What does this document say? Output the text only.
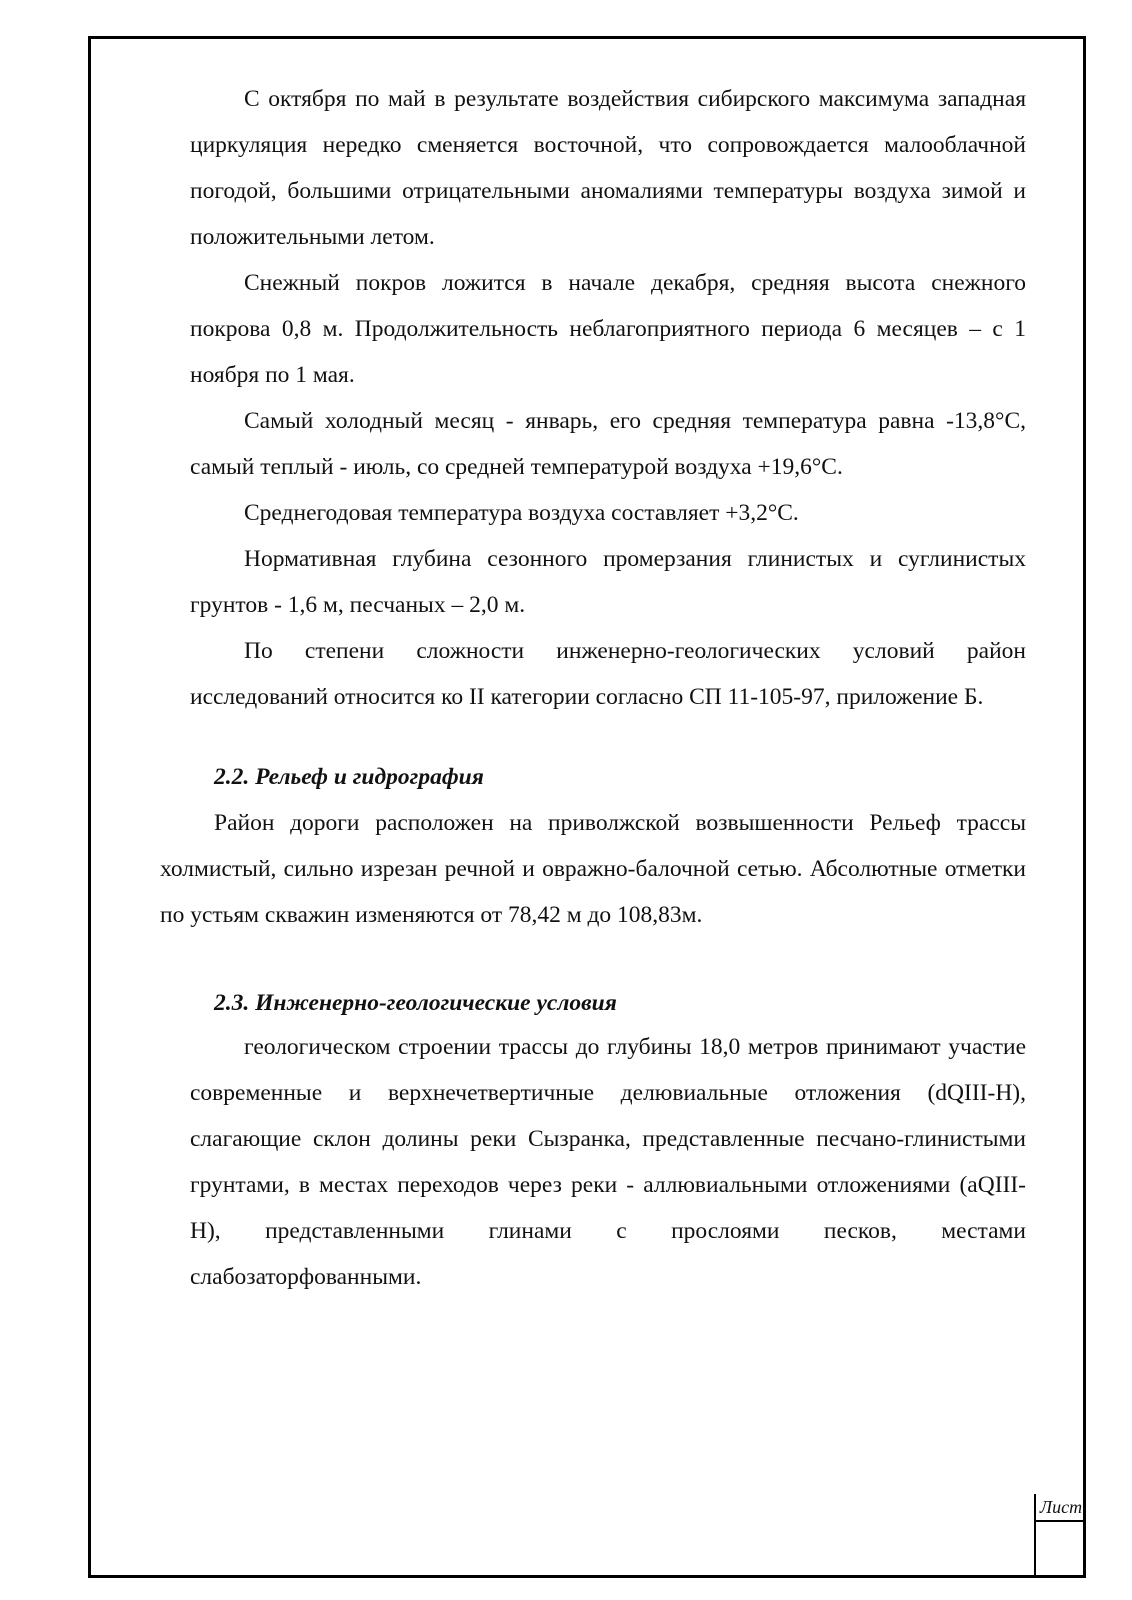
С октября по май в результате воздействия сибирского максимума западная циркуляция нередко сменяется восточной, что сопровождается малооблачной погодой, большими отрицательными аномалиями температуры воздуха зимой и положительными летом.

Снежный покров ложится в начале декабря, средняя высота снежного покрова 0,8 м. Продолжительность неблагоприятного периода 6 месяцев – с 1 ноября по 1 мая.

Самый холодный месяц - январь, его средняя температура равна -13,8°С, самый теплый - июль, со средней температурой воздуха +19,6°С.

Среднегодовая температура воздуха составляет +3,2°С.

Нормативная глубина сезонного промерзания глинистых и суглинистых грунтов - 1,6 м, песчаных – 2,0 м.

По степени сложности инженерно-геологических условий район исследований относится ко II категории согласно СП 11-105-97, приложение Б.

2.2. Рельеф и гидрография

Район дороги расположен на приволжской возвышенности Рельеф трассы холмистый, сильно изрезан речной и овражно-балочной сетью. Абсолютные отметки по устьям скважин изменяются от 78,42 м до 108,83м.

2.3. Инженерно-геологические условия

геологическом строении трассы до глубины 18,0 метров принимают участие современные и верхнечетвертичные делювиальные отложения (dQIII-H), слагающие склон долины реки Сызранка, представленные песчано-глинистыми грунтами, в местах переходов через реки - аллювиальными отложениями (aQIII-H), представленными глинами с прослоями песков, местами слабозаторфованными.

Лист
